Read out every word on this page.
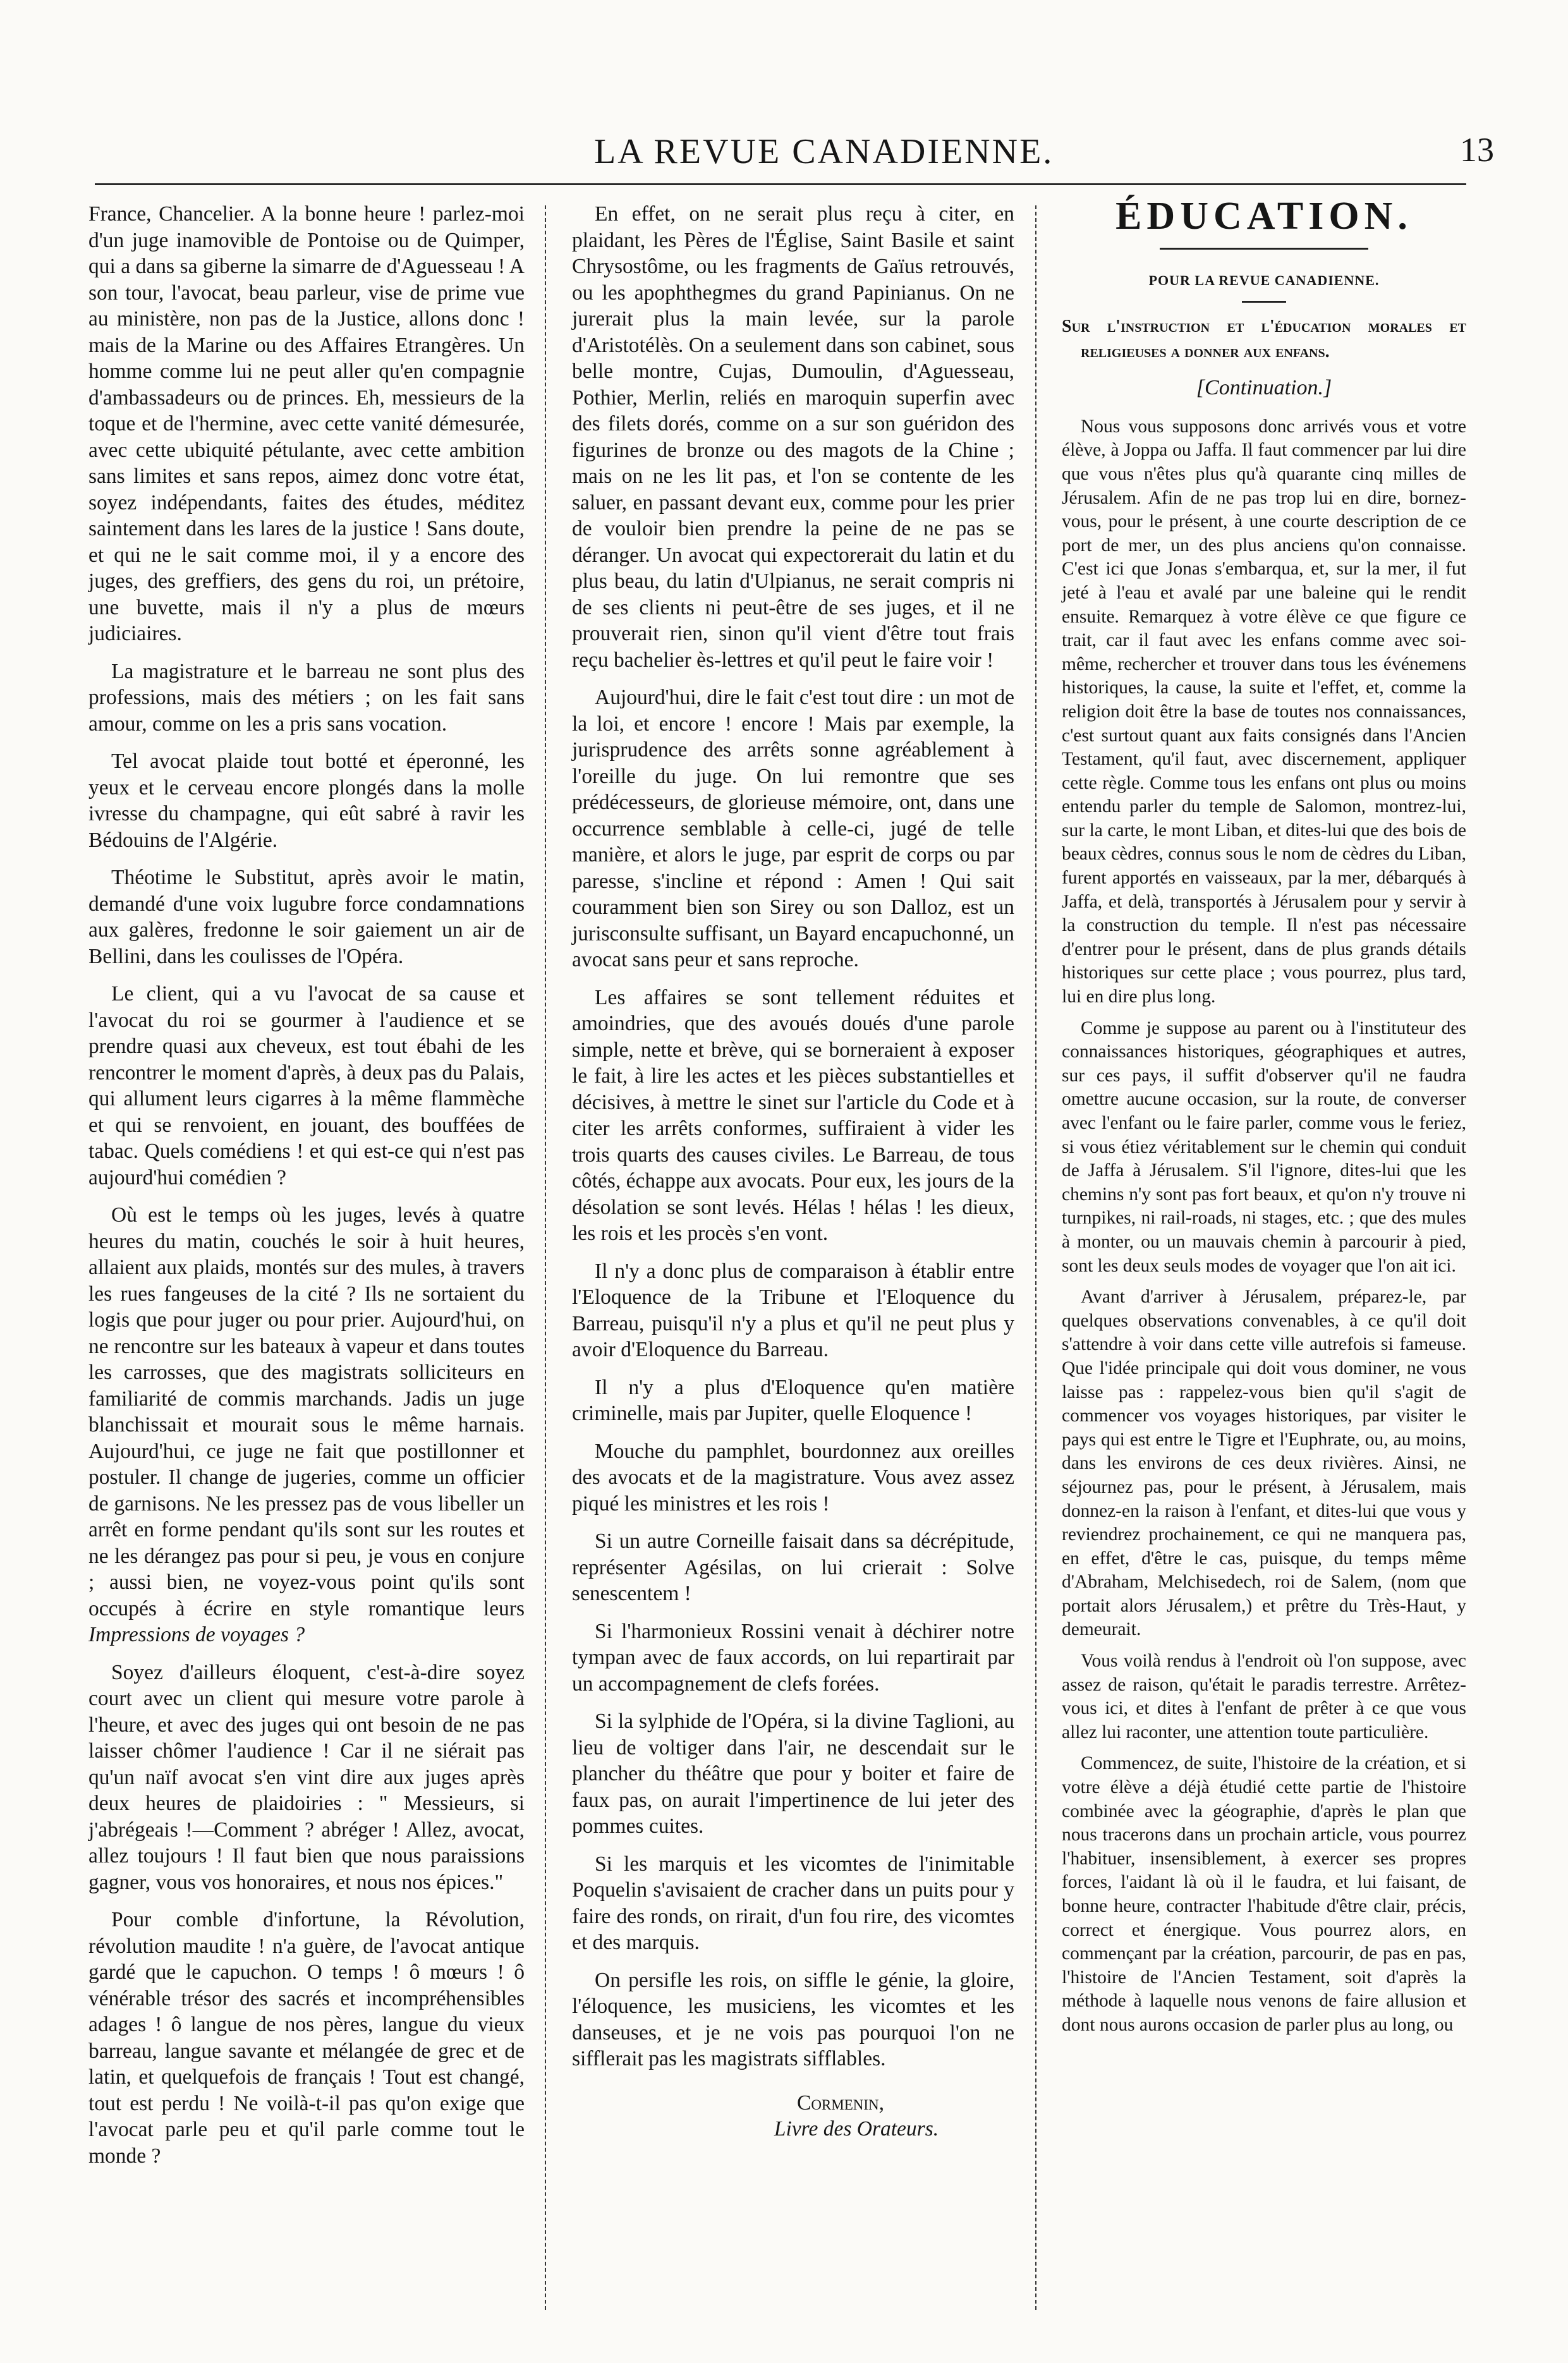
LA REVUE CANADIENNE.	13

France, Chancelier. A la bonne heure ! parlez-moi d'un juge inamovible de Pontoise ou de Quimper, qui a dans sa giberne la simarre de d'Aguesseau ! A son tour, l'avocat, beau parleur, vise de prime vue au ministère, non pas de la Justice, allons donc ! mais de la Marine ou des Affaires Etrangères. Un homme comme lui ne peut aller qu'en compagnie d'ambassadeurs ou de princes. Eh, messieurs de la toque et de l'hermine, avec cette vanité démesurée, avec cette ubiquité pétulante, avec cette ambition sans limites et sans repos, aimez donc votre état, soyez indépendants, faites des études, méditez saintement dans les lares de la justice ! Sans doute, et qui ne le sait comme moi, il y a encore des juges, des greffiers, des gens du roi, un prétoire, une buvette, mais il n'y a plus de mœurs judiciaires.

La magistrature et le barreau ne sont plus des professions, mais des métiers ; on les fait sans amour, comme on les a pris sans vocation.

Tel avocat plaide tout botté et éperonné, les yeux et le cerveau encore plongés dans la molle ivresse du champagne, qui eût sabré à ravir les Bédouins de l'Algérie.

Théotime le Substitut, après avoir le matin, demandé d'une voix lugubre force condamnations aux galères, fredonne le soir gaiement un air de Bellini, dans les coulisses de l'Opéra.

Le client, qui a vu l'avocat de sa cause et l'avocat du roi se gourmer à l'audience et se prendre quasi aux cheveux, est tout ébahi de les rencontrer le moment d'après, à deux pas du Palais, qui allument leurs cigarres à la même flammèche et qui se renvoient, en jouant, des bouffées de tabac. Quels comédiens ! et qui est-ce qui n'est pas aujourd'hui comédien ?

Où est le temps où les juges, levés à quatre heures du matin, couchés le soir à huit heures, allaient aux plaids, montés sur des mules, à travers les rues fangeuses de la cité ? Ils ne sortaient du logis que pour juger ou pour prier. Aujourd'hui, on ne rencontre sur les bateaux à vapeur et dans toutes les carrosses, que des magistrats solliciteurs en familiarité de commis marchands. Jadis un juge blanchissait et mourait sous le même harnais. Aujourd'hui, ce juge ne fait que postillonner et postuler. Il change de jugeries, comme un officier de garnisons. Ne les pressez pas de vous libeller un arrêt en forme pendant qu'ils sont sur les routes et ne les dérangez pas pour si peu, je vous en conjure ; aussi bien, ne voyez-vous point qu'ils sont occupés à écrire en style romantique leurs Impressions de voyages ?

Soyez d'ailleurs éloquent, c'est-à-dire soyez court avec un client qui mesure votre parole à l'heure, et avec des juges qui ont besoin de ne pas laisser chômer l'audience ! Car il ne siérait pas qu'un naïf avocat s'en vint dire aux juges après deux heures de plaidoiries : " Messieurs, si j'abrégeais !—Comment ? abréger ! Allez, avocat, allez toujours ! Il faut bien que nous paraissions gagner, vous vos honoraires, et nous nos épices."

Pour comble d'infortune, la Révolution, révolution maudite ! n'a guère, de l'avocat antique gardé que le capuchon. O temps ! ô mœurs ! ô vénérable trésor des sacrés et incompréhensibles adages ! ô langue de nos pères, langue du vieux barreau, langue savante et mélangée de grec et de latin, et quelquefois de français ! Tout est changé, tout est perdu ! Ne voilà-t-il pas qu'on exige que l'avocat parle peu et qu'il parle comme tout le monde ?

En effet, on ne serait plus reçu à citer, en plaidant, les Pères de l'Église, Saint Basile et saint Chrysostôme, ou les fragments de Gaïus retrouvés, ou les apophthegmes du grand Papinianus. On ne jurerait plus la main levée, sur la parole d'Aristotélès. On a seulement dans son cabinet, sous belle montre, Cujas, Dumoulin, d'Aguesseau, Pothier, Merlin, reliés en maroquin superfin avec des filets dorés, comme on a sur son guéridon des figurines de bronze ou des magots de la Chine ; mais on ne les lit pas, et l'on se contente de les saluer, en passant devant eux, comme pour les prier de vouloir bien prendre la peine de ne pas se déranger. Un avocat qui expectorerait du latin et du plus beau, du latin d'Ulpianus, ne serait compris ni de ses clients ni peut-être de ses juges, et il ne prouverait rien, sinon qu'il vient d'être tout frais reçu bachelier ès-lettres et qu'il peut le faire voir !

Aujourd'hui, dire le fait c'est tout dire : un mot de la loi, et encore ! encore ! Mais par exemple, la jurisprudence des arrêts sonne agréablement à l'oreille du juge. On lui remontre que ses prédécesseurs, de glorieuse mémoire, ont, dans une occurrence semblable à celle-ci, jugé de telle manière, et alors le juge, par esprit de corps ou par paresse, s'incline et répond : Amen ! Qui sait couramment bien son Sirey ou son Dalloz, est un jurisconsulte suffisant, un Bayard encapuchonné, un avocat sans peur et sans reproche.

Les affaires se sont tellement réduites et amoindries, que des avoués doués d'une parole simple, nette et brève, qui se borneraient à exposer le fait, à lire les actes et les pièces substantielles et décisives, à mettre le sinet sur l'article du Code et à citer les arrêts conformes, suffiraient à vider les trois quarts des causes civiles. Le Barreau, de tous côtés, échappe aux avocats. Pour eux, les jours de la désolation se sont levés. Hélas ! hélas ! les dieux, les rois et les procès s'en vont.

Il n'y a donc plus de comparaison à établir entre l'Eloquence de la Tribune et l'Eloquence du Barreau, puisqu'il n'y a plus et qu'il ne peut plus y avoir d'Eloquence du Barreau.

Il n'y a plus d'Eloquence qu'en matière criminelle, mais par Jupiter, quelle Eloquence !

Mouche du pamphlet, bourdonnez aux oreilles des avocats et de la magistrature. Vous avez assez piqué les ministres et les rois !

Si un autre Corneille faisait dans sa décrépitude, représenter Agésilas, on lui crierait : Solve senescentem !

Si l'harmonieux Rossini venait à déchirer notre tympan avec de faux accords, on lui repartirait par un accompagnement de clefs forées.

Si la sylphide de l'Opéra, si la divine Taglioni, au lieu de voltiger dans l'air, ne descendait sur le plancher du théâtre que pour y boiter et faire de faux pas, on aurait l'impertinence de lui jeter des pommes cuites.

Si les marquis et les vicomtes de l'inimitable Poquelin s'avisaient de cracher dans un puits pour y faire des ronds, on rirait, d'un fou rire, des vicomtes et des marquis.

On persifle les rois, on siffle le génie, la gloire, l'éloquence, les musiciens, les vicomtes et les danseuses, et je ne vois pas pourquoi l'on ne sifflerait pas les magistrats sifflables.

Cormenin,
Livre des Orateurs.
ÉDUCATION.
POUR LA REVUE CANADIENNE.
Sur l'instruction et l'éducation morales et religieuses a donner aux enfans.
[Continuation.]

Nous vous supposons donc arrivés vous et votre élève, à Joppa ou Jaffa. Il faut commencer par lui dire que vous n'êtes plus qu'à quarante cinq milles de Jérusalem. Afin de ne pas trop lui en dire, bornez-vous, pour le présent, à une courte description de ce port de mer, un des plus anciens qu'on connaisse. C'est ici que Jonas s'embarqua, et, sur la mer, il fut jeté à l'eau et avalé par une baleine qui le rendit ensuite. Remarquez à votre élève ce que figure ce trait, car il faut avec les enfans comme avec soi-même, rechercher et trouver dans tous les événemens historiques, la cause, la suite et l'effet, et, comme la religion doit être la base de toutes nos connaissances, c'est surtout quant aux faits consignés dans l'Ancien Testament, qu'il faut, avec discernement, appliquer cette règle. Comme tous les enfans ont plus ou moins entendu parler du temple de Salomon, montrez-lui, sur la carte, le mont Liban, et dites-lui que des bois de beaux cèdres, connus sous le nom de cèdres du Liban, furent apportés en vaisseaux, par la mer, débarqués à Jaffa, et delà, transportés à Jérusalem pour y servir à la construction du temple. Il n'est pas nécessaire d'entrer pour le présent, dans de plus grands détails historiques sur cette place ; vous pourrez, plus tard, lui en dire plus long.

Comme je suppose au parent ou à l'instituteur des connaissances historiques, géographiques et autres, sur ces pays, il suffit d'observer qu'il ne faudra omettre aucune occasion, sur la route, de converser avec l'enfant ou le faire parler, comme vous le feriez, si vous étiez véritablement sur le chemin qui conduit de Jaffa à Jérusalem. S'il l'ignore, dites-lui que les chemins n'y sont pas fort beaux, et qu'on n'y trouve ni turnpikes, ni rail-roads, ni stages, etc. ; que des mules à monter, ou un mauvais chemin à parcourir à pied, sont les deux seuls modes de voyager que l'on ait ici.

Avant d'arriver à Jérusalem, préparez-le, par quelques observations convenables, à ce qu'il doit s'attendre à voir dans cette ville autrefois si fameuse. Que l'idée principale qui doit vous dominer, ne vous laisse pas : rappelez-vous bien qu'il s'agit de commencer vos voyages historiques, par visiter le pays qui est entre le Tigre et l'Euphrate, ou, au moins, dans les environs de ces deux rivières. Ainsi, ne séjournez pas, pour le présent, à Jérusalem, mais donnez-en la raison à l'enfant, et dites-lui que vous y reviendrez prochainement, ce qui ne manquera pas, en effet, d'être le cas, puisque, du temps même d'Abraham, Melchisedech, roi de Salem, (nom que portait alors Jérusalem,) et prêtre du Très-Haut, y demeurait.

Vous voilà rendus à l'endroit où l'on suppose, avec assez de raison, qu'était le paradis terrestre. Arrêtez-vous ici, et dites à l'enfant de prêter à ce que vous allez lui raconter, une attention toute particulière.

Commencez, de suite, l'histoire de la création, et si votre élève a déjà étudié cette partie de l'histoire combinée avec la géographie, d'après le plan que nous tracerons dans un prochain article, vous pourrez l'habituer, insensiblement, à exercer ses propres forces, l'aidant là où il le faudra, et lui faisant, de bonne heure, contracter l'habitude d'être clair, précis, correct et énergique. Vous pourrez alors, en commençant par la création, parcourir, de pas en pas, l'histoire de l'Ancien Testament, soit d'après la méthode à laquelle nous venons de faire allusion et dont nous aurons occasion de parler plus au long, ou
